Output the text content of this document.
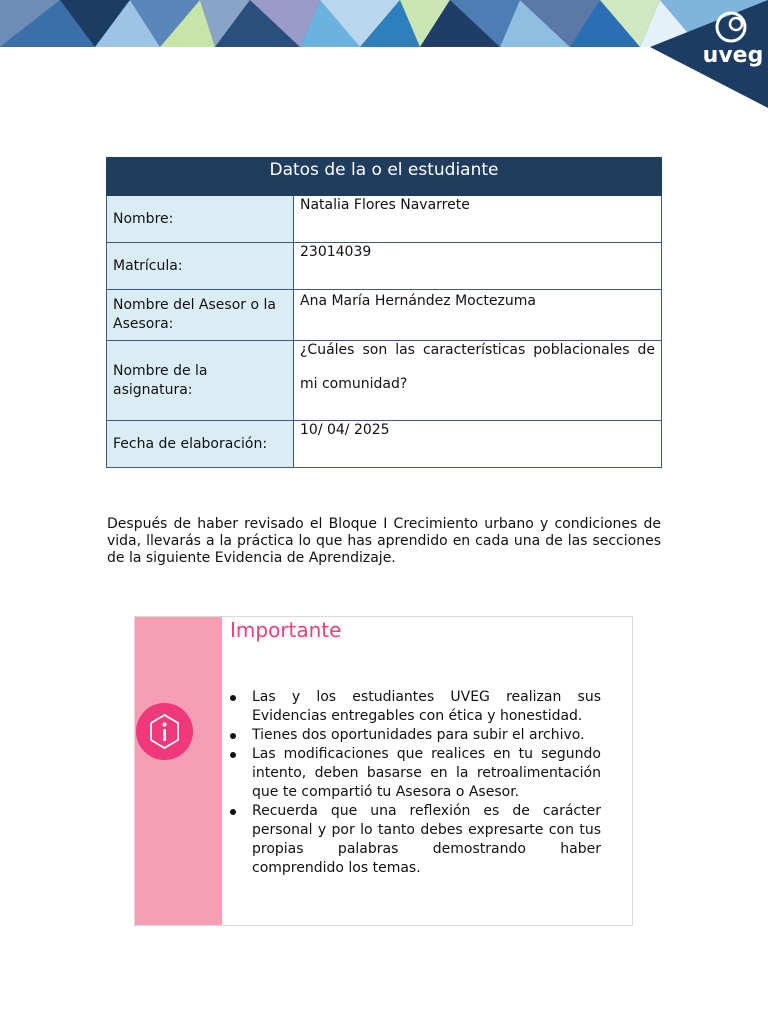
uveg
Datos de la o el estudiante	
Nombre:	Natalia Flores Navarrete
Matrícula:	23014039
Nombre del Asesor o la Asesora:	Ana María Hernández Moctezuma

Nombre de la asignatura:	¿Cuáles son las características poblacionales de mi comunidad?

Fecha de elaboración:	10/ 04/ 2025

Después de haber revisado el Bloque I Crecimiento urbano y condiciones de vida, llevarás a la práctica lo que has aprendido en cada una de las secciones de la siguiente Evidencia de Aprendizaje.

Importante
Las y los estudiantes UVEG realizan sus Evidencias entregables con ética y honestidad.
Tienes dos oportunidades para subir el archivo.
Las modificaciones que realices en tu segundo intento, deben basarse en la retroalimentación que te compartió tu Asesora o Asesor.
Recuerda que una reflexión es de carácter personal y por lo tanto debes expresarte con tus propias palabras demostrando haber comprendido los temas.
